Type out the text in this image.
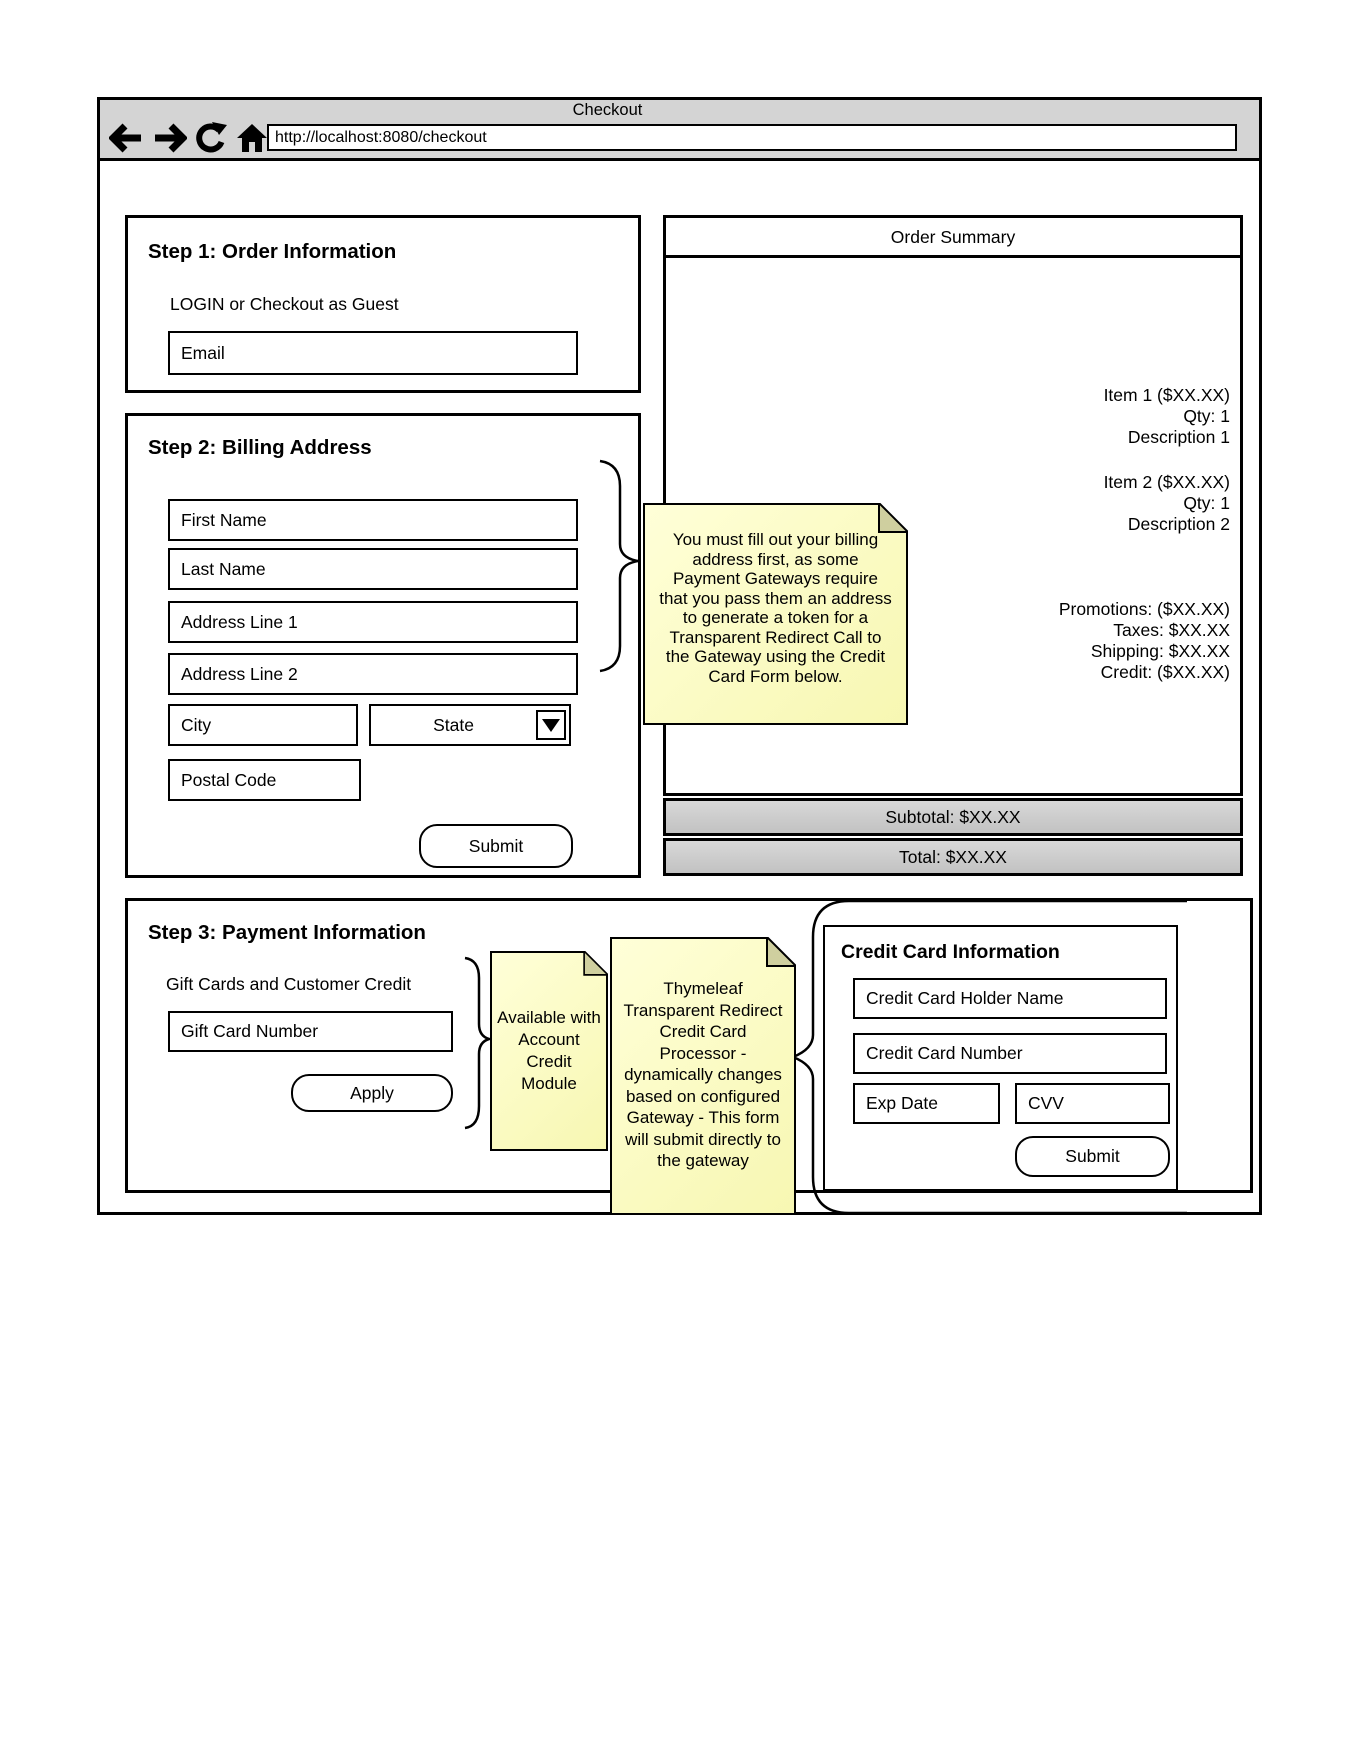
Checkout
http://localhost:8080/checkout
Step 1: Order Information
LOGIN or Checkout as Guest
Email
Step 2: Billing Address
First Name
Last Name
Address Line 1
Address Line 2
City
State
Postal Code
Submit
Order Summary
Item 1 ($XX.XX)
Qty: 1
Description 1
Item 2 ($XX.XX)
Qty: 1
Description 2
Promotions: ($XX.XX)
Taxes: $XX.XX
Shipping: $XX.XX
Credit: ($XX.XX)
Subtotal: $XX.XX
Total: $XX.XX
You must fill out your billing address first, as some Payment Gateways require that you pass them an address to generate a token for a Transparent Redirect Call to the Gateway using the Credit Card Form below.
Step 3: Payment Information
Gift Cards and Customer Credit
Gift Card Number
Apply
Available with Account Credit Module
Thymeleaf Transparent Redirect Credit Card Processor - dynamically changes based on configured Gateway - This form will submit directly to the gateway
Credit Card Information
Credit Card Holder Name
Credit Card Number
Exp Date
CVV
Submit
